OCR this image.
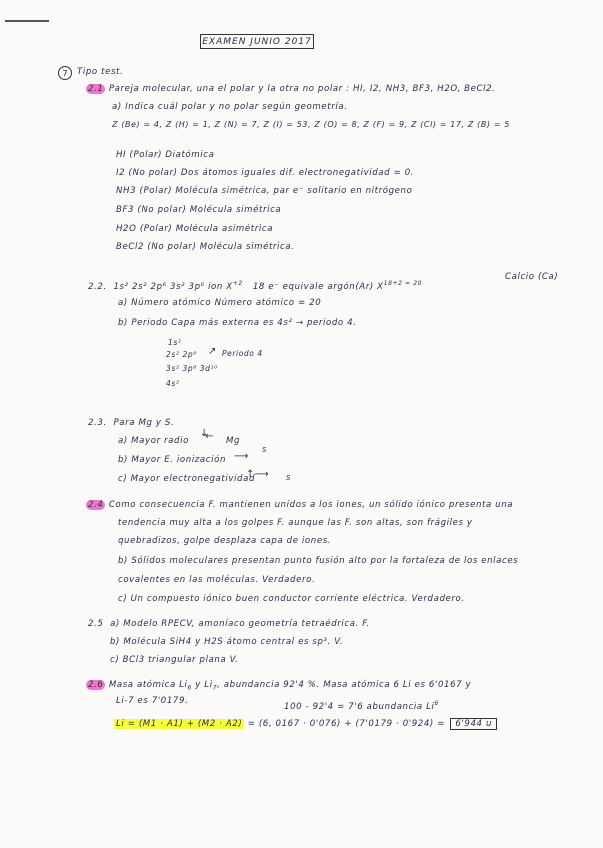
EXAMEN JUNIO 2017
7	Tipo test.
2.1 Pareja molecular, una el polar y la otra no polar : HI, I2, NH3, BF3, H2O, BeCl2.
a) Indica cuál polar y no polar según geometría.
Z (Be) = 4, Z (H) = 1, Z (N) = 7, Z (I) = 53, Z (O) = 8, Z (F) = 9, Z (Cl) = 17, Z (B) = 5
HI (Polar) Diatómica
I2 (No polar) Dos átomos iguales dif. electronegatividad = 0.
NH3 (Polar) Molécula simétrica, par e⁻ solitario en nitrógeno
BF3 (No polar) Molécula simétrica
H2O (Polar) Molécula asimétrica
BeCl2 (No polar) Molécula simétrica.
2.2. 1s² 2s² 2p⁶ 3s² 3p⁶ ion $X^{+2}$ 18 e⁻ equivale argón(Ar) $X^{18+2 = 20}$
Calcio (Ca)
a) Número atómico Número atómico = 20
b) Periodo Capa más externa es 4s² → periodo 4.
1s²
2s² 2p⁶ ↗ Periodo 4
3s² 3p⁶ 3d¹⁰
4s²
2.3. Para Mg y S.
a) Mayor radio
↓
← Mg
b) Mayor E. ionización ⟶
S
c) Mayor electronegatividad
↑⟶ S
2.4 Como consecuencia F. mantienen unidos a los iones, un sólido iónico presenta una
tendencia muy alta a los golpes F. aunque las F. son altas, son frágiles y
quebradizos, golpe desplaza capa de iones.
b) Sólidos moleculares presentan punto fusión alto por la fortaleza de los enlaces
covalentes en las moléculas. Verdadero.
c) Un compuesto iónico buen conductor corriente eléctrica. Verdadero.
2.5 a) Modelo RPECV, amoníaco geometría tetraédrica. F.
b) Molécula SiH4 y H2S átomo central es sp³. V.
c) BCl3 triangular plana V.
2.6 Masa atómica $Li_6$ y $Li_7$, abundancia 92'4 %. Masa atómica 6 Li es 6'0167 y
Li-7 es 7'0179.
100 - 92'4 = 7'6 abundancia Li$^6$
Li = (M1 · A1) + (M2 · A2) = (6, 0167 · 0'076) + (7'0179 · 0'924) = 6'944 u
